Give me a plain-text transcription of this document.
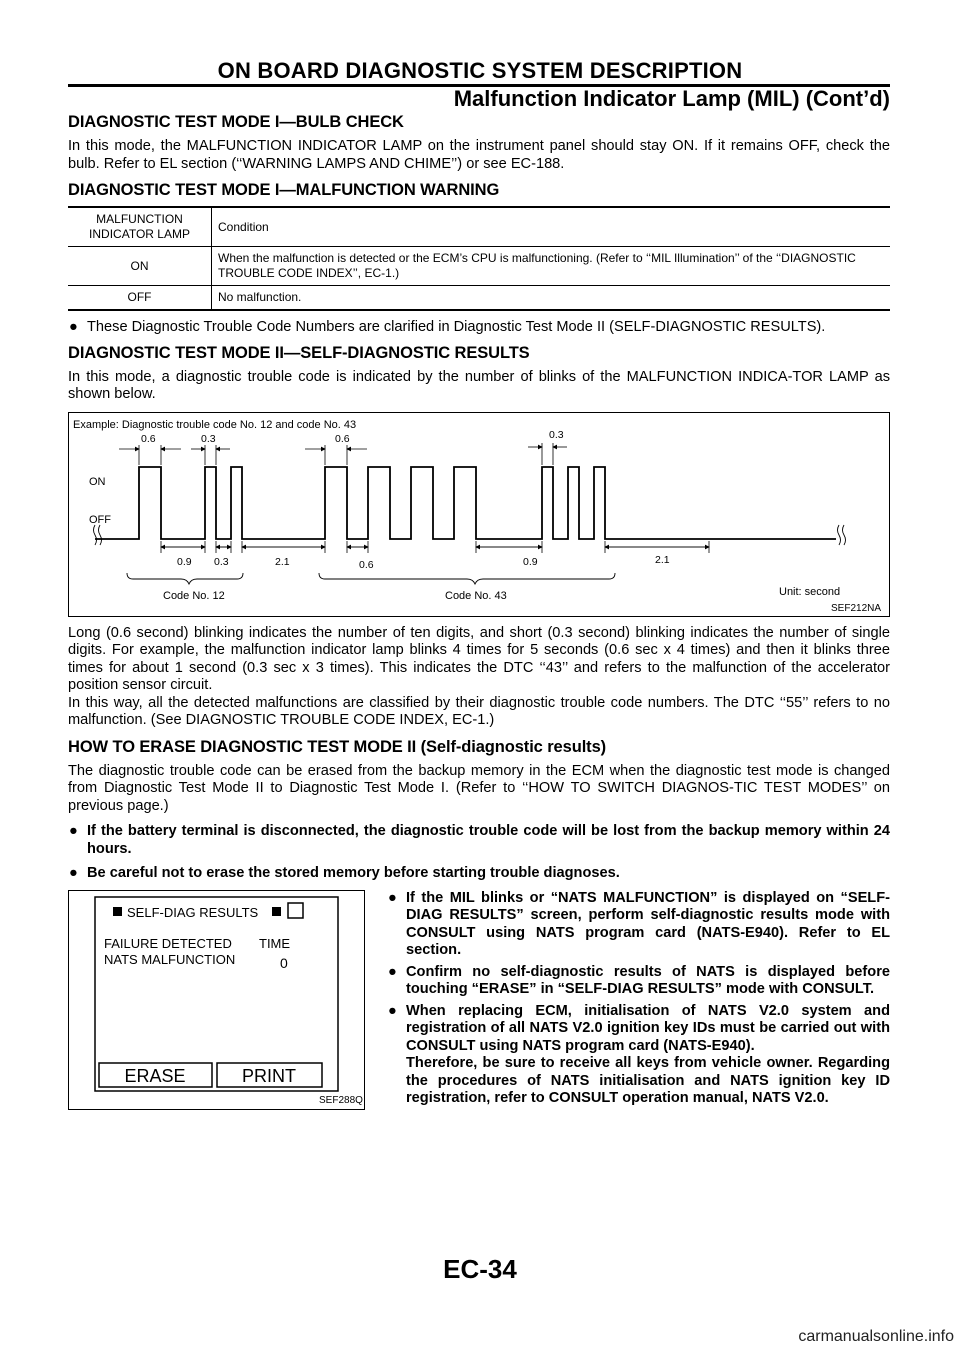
ON BOARD DIAGNOSTIC SYSTEM DESCRIPTION
Malfunction Indicator Lamp (MIL) (Cont’d)
DIAGNOSTIC TEST MODE I—BULB CHECK

In this mode, the MALFUNCTION INDICATOR LAMP on the instrument panel should stay ON. If it remains OFF, check the bulb. Refer to EL section (‘‘WARNING LAMPS AND CHIME’’) or see EC-188.

DIAGNOSTIC TEST MODE I—MALFUNCTION WARNING
MALFUNCTION
INDICATOR LAMP	Condition
ON	When the malfunction is detected or the ECM’s CPU is malfunctioning. (Refer to ‘‘MIL Illumination’’ of the ‘‘DIAGNOSTIC TROUBLE CODE INDEX’’, EC-1.)
OFF	No malfunction.
● These Diagnostic Trouble Code Numbers are clarified in Diagnostic Test Mode II (SELF-DIAGNOSTIC RESULTS).
DIAGNOSTIC TEST MODE II—SELF-DIAGNOSTIC RESULTS

In this mode, a diagnostic trouble code is indicated by the number of blinks of the MALFUNCTION INDICA-TOR LAMP as shown below.

Example: Diagnostic trouble code No. 12 and code No. 43
ON
OFF
0.6	0.3	0.6	0.3
0.9 0.3	2.1	0.6	0.9	2.1
Code No. 12	Code No. 43	Unit: second
SEF212NA

Long (0.6 second) blinking indicates the number of ten digits, and short (0.3 second) blinking indicates the number of single digits. For example, the malfunction indicator lamp blinks 4 times for 5 seconds (0.6 sec x 4 times) and then it blinks three times for about 1 second (0.3 sec x 3 times). This indicates the DTC ‘‘43’’ and refers to the malfunction of the accelerator position sensor circuit.

In this way, all the detected malfunctions are classified by their diagnostic trouble code numbers. The DTC ‘‘55’’ refers to no malfunction. (See DIAGNOSTIC TROUBLE CODE INDEX, EC-1.)

HOW TO ERASE DIAGNOSTIC TEST MODE II (Self-diagnostic results)

The diagnostic trouble code can be erased from the backup memory in the ECM when the diagnostic test mode is changed from Diagnostic Test Mode II to Diagnostic Test Mode I. (Refer to ‘‘HOW TO SWITCH DIAGNOS-TIC TEST MODES’’ on previous page.)

● If the battery terminal is disconnected, the diagnostic trouble code will be lost from the backup memory within 24 hours.
● Be careful not to erase the stored memory before starting trouble diagnoses.
SELF-DIAG RESULTS
FAILURE DETECTED TIME
NATS MALFUNCTION	0
ERASE	PRINT
SEF288Q
● If the MIL blinks or “NATS MALFUNCTION” is displayed on “SELF-DIAG RESULTS” screen, perform self-diagnostic results mode with CONSULT using NATS program card (NATS-E940). Refer to EL section.
● Confirm no self-diagnostic results of NATS is displayed before touching “ERASE” in “SELF-DIAG RESULTS” mode with CONSULT.
● When replacing ECM, initialisation of NATS V2.0 system and registration of all NATS V2.0 ignition key IDs must be carried out with CONSULT using NATS program card (NATS-E940).
Therefore, be sure to receive all keys from vehicle owner. Regarding the procedures of NATS initialisation and NATS ignition key ID registration, refer to CONSULT operation manual, NATS V2.0.
EC-34
carmanualsonline.info
